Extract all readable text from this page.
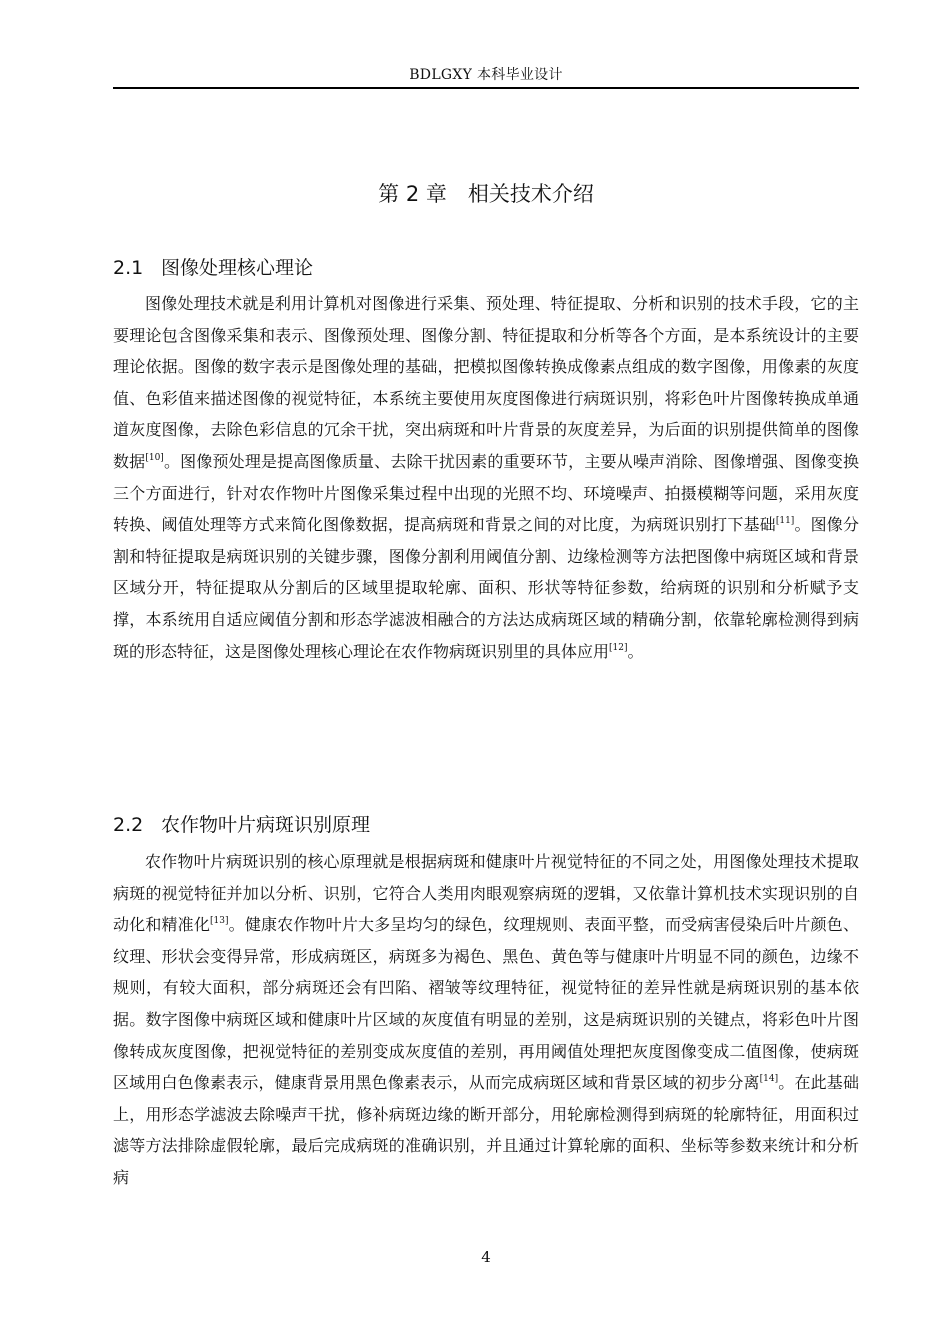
BDLGXY 本科毕业设计
第 2 章　相关技术介绍
2.1 图像处理核心理论

图像处理技术就是利用计算机对图像进行采集、预处理、特征提取、分析和识别的技术手段，它的主要理论包含图像采集和表示、图像预处理、图像分割、特征提取和分析等各个方面，是本系统设计的主要理论依据。图像的数字表示是图像处理的基础，把模拟图像转换成像素点组成的数字图像，用像素的灰度值、色彩值来描述图像的视觉特征，本系统主要使用灰度图像进行病斑识别，将彩色叶片图像转换成单通道灰度图像，去除色彩信息的冗余干扰，突出病斑和叶片背景的灰度差异，为后面的识别提供简单的图像数据[10]。图像预处理是提高图像质量、去除干扰因素的重要环节，主要从噪声消除、图像增强、图像变换三个方面进行，针对农作物叶片图像采集过程中出现的光照不均、环境噪声、拍摄模糊等问题，采用灰度转换、阈值处理等方式来简化图像数据，提高病斑和背景之间的对比度，为病斑识别打下基础[11]。图像分割和特征提取是病斑识别的关键步骤，图像分割利用阈值分割、边缘检测等方法把图像中病斑区域和背景区域分开，特征提取从分割后的区域里提取轮廓、面积、形状等特征参数，给病斑的识别和分析赋予支撑，本系统用自适应阈值分割和形态学滤波相融合的方法达成病斑区域的精确分割，依靠轮廓检测得到病斑的形态特征，这是图像处理核心理论在农作物病斑识别里的具体应用[12]。

2.2 农作物叶片病斑识别原理

农作物叶片病斑识别的核心原理就是根据病斑和健康叶片视觉特征的不同之处，用图像处理技术提取病斑的视觉特征并加以分析、识别，它符合人类用肉眼观察病斑的逻辑，又依靠计算机技术实现识别的自动化和精准化[13]。健康农作物叶片大多呈均匀的绿色，纹理规则、表面平整，而受病害侵染后叶片颜色、纹理、形状会变得异常，形成病斑区，病斑多为褐色、黑色、黄色等与健康叶片明显不同的颜色，边缘不规则，有较大面积，部分病斑还会有凹陷、褶皱等纹理特征，视觉特征的差异性就是病斑识别的基本依据。数字图像中病斑区域和健康叶片区域的灰度值有明显的差别，这是病斑识别的关键点，将彩色叶片图像转成灰度图像，把视觉特征的差别变成灰度值的差别，再用阈值处理把灰度图像变成二值图像，使病斑区域用白色像素表示，健康背景用黑色像素表示，从而完成病斑区域和背景区域的初步分离[14]。在此基础上，用形态学滤波去除噪声干扰，修补病斑边缘的断开部分，用轮廓检测得到病斑的轮廓特征，用面积过滤等方法排除虚假轮廓，最后完成病斑的准确识别，并且通过计算轮廓的面积、坐标等参数来统计和分析病

4
